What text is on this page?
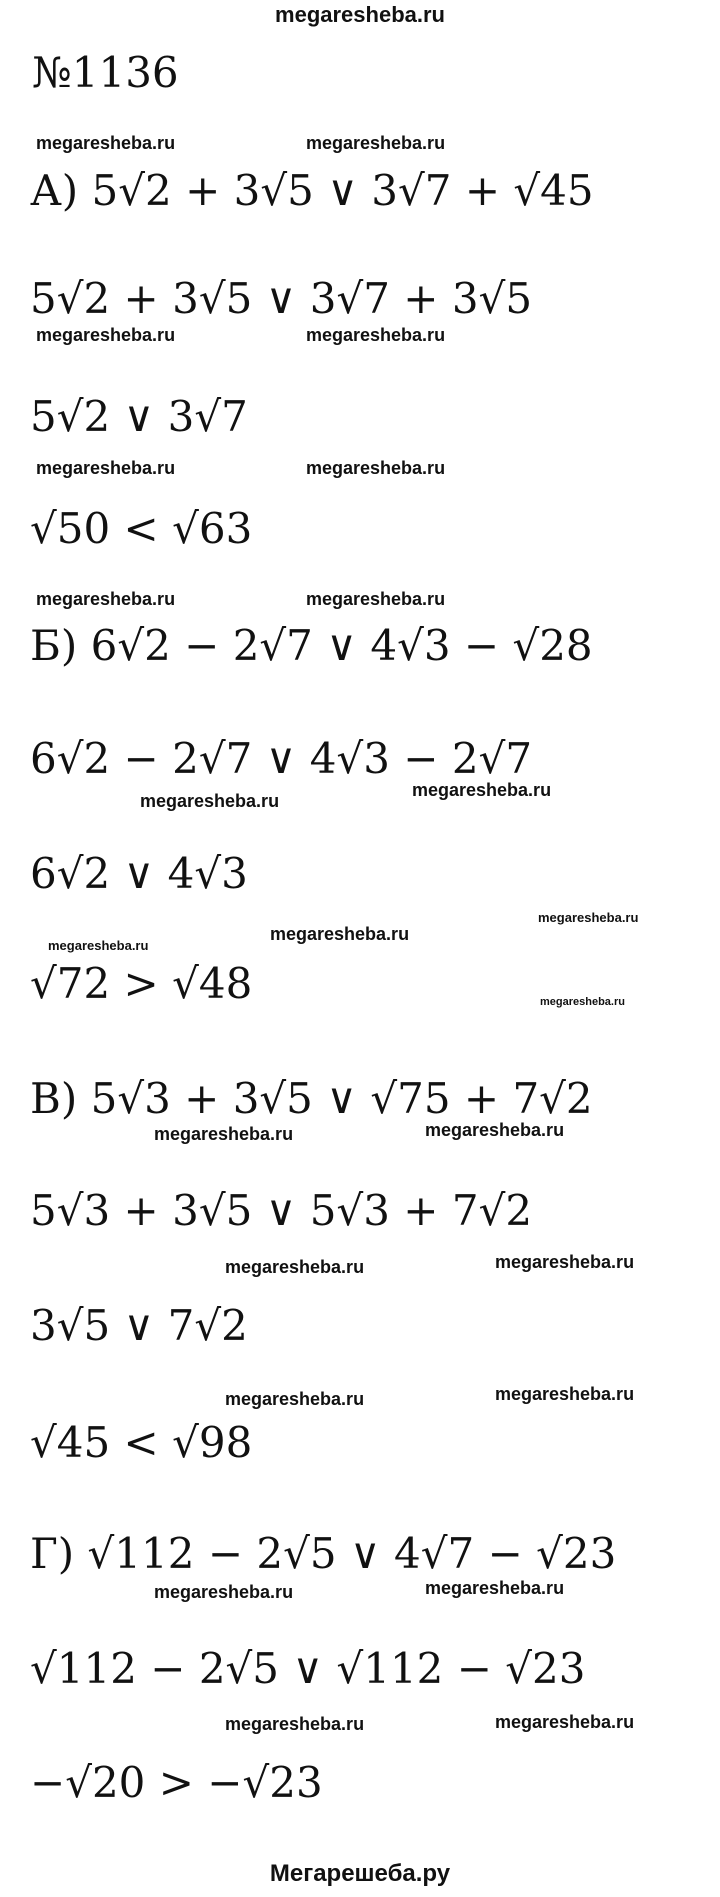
megaresheba.ru
№1136
megaresheba.ru	megaresheba.ru
megaresheba.ru	megaresheba.ru
megaresheba.ru	megaresheba.ru
megaresheba.ru	megaresheba.ru
megaresheba.ru
megaresheba.ru
megaresheba.ru
megaresheba.ru
megaresheba.ru
megaresheba.ru
megaresheba.ru	megaresheba.ru
megaresheba.ru	megaresheba.ru
megaresheba.ru	megaresheba.ru
megaresheba.ru	megaresheba.ru
megaresheba.ru	megaresheba.ru
А) 5√2 + 3√5 ∨ 3√7 + √45
5√2 + 3√5 ∨ 3√7 + 3√5
5√2 ∨ 3√7
√50 < √63
Б) 6√2 − 2√7 ∨ 4√3 − √28
6√2 − 2√7 ∨ 4√3 − 2√7
6√2 ∨ 4√3
√72 > √48
В) 5√3 + 3√5 ∨ √75 + 7√2
5√3 + 3√5 ∨ 5√3 + 7√2
3√5 ∨ 7√2
√45 < √98
Г) √112 − 2√5 ∨ 4√7 − √23
√112 − 2√5 ∨ √112 − √23
−√20 > −√23
Мегарешеба.ру
